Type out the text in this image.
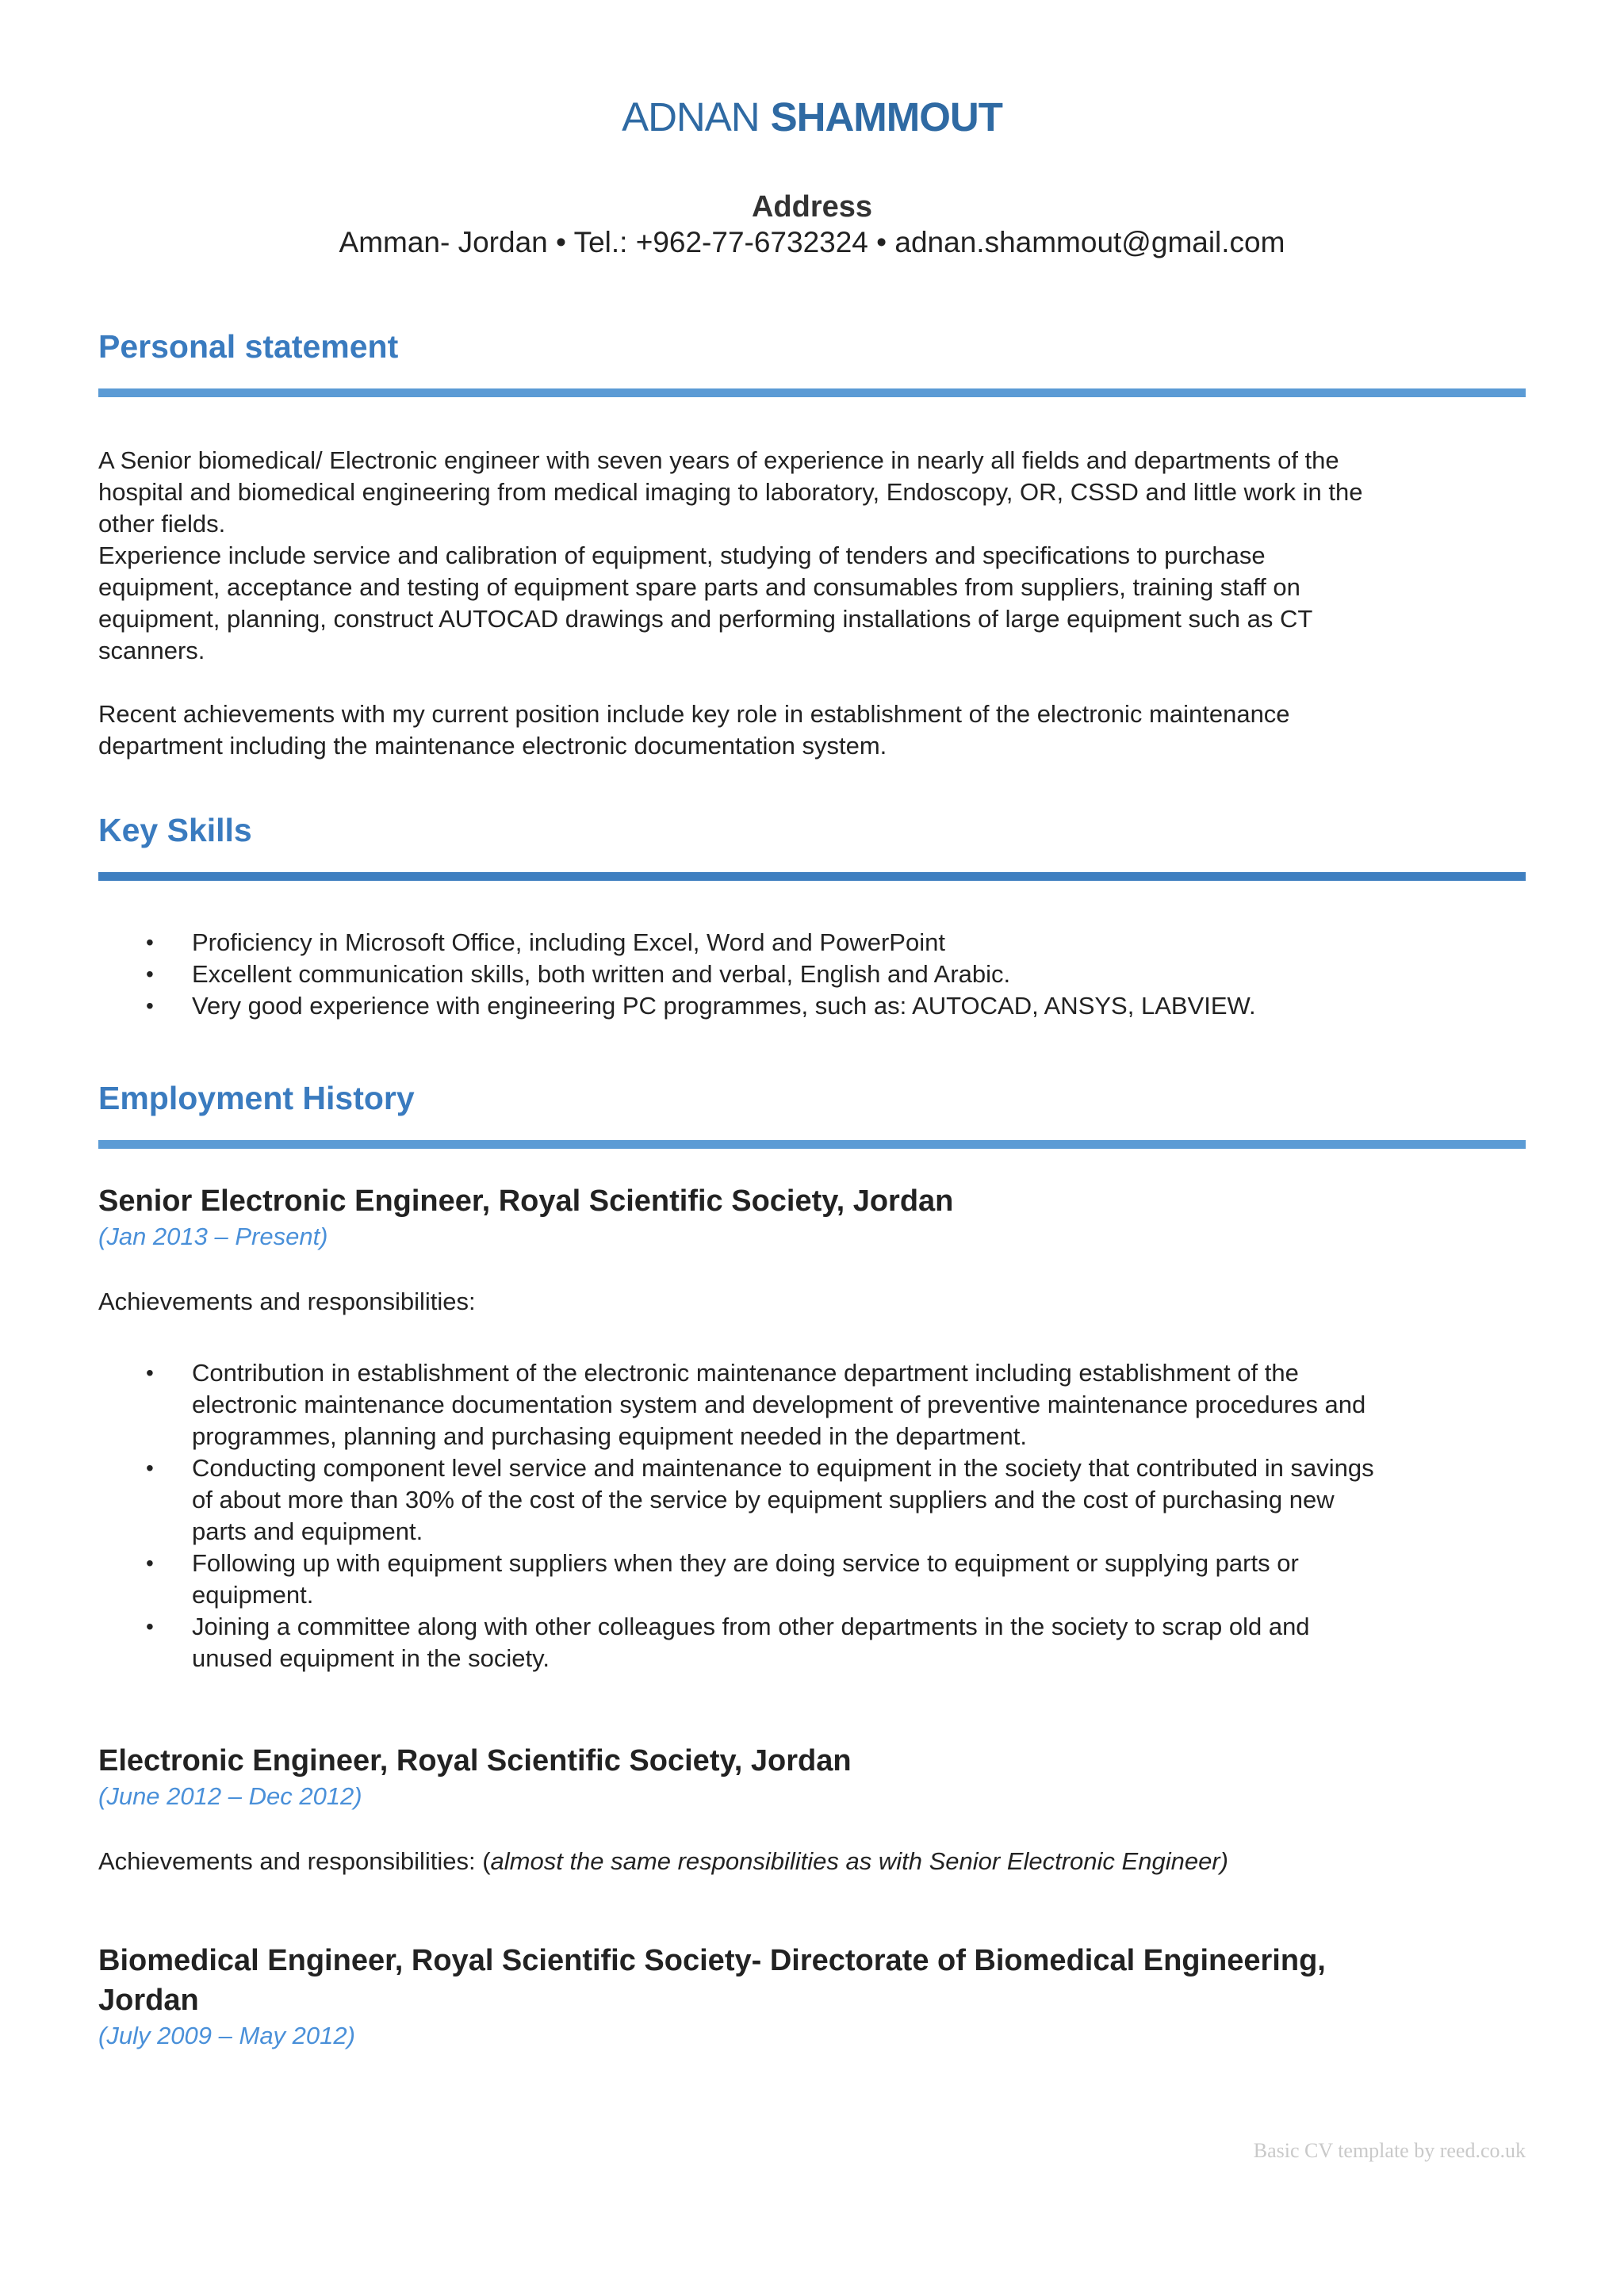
ADNAN SHAMMOUT
Address
Amman- Jordan • Tel.: +962-77-6732324 • adnan.shammout@gmail.com
Personal statement

A Senior biomedical/ Electronic engineer with seven years of experience in nearly all fields and departments of the

hospital and biomedical engineering from medical imaging to laboratory, Endoscopy, OR, CSSD and little work in the

other fields.

Experience include service and calibration of equipment, studying of tenders and specifications to purchase

equipment, acceptance and testing of equipment spare parts and consumables from suppliers, training staff on

equipment, planning, construct AUTOCAD drawings and performing installations of large equipment such as CT

scanners.

Recent achievements with my current position include key role in establishment of the electronic maintenance

department including the maintenance electronic documentation system.

Key Skills
• Proficiency in Microsoft Office, including Excel, Word and PowerPoint
• Excellent communication skills, both written and verbal, English and Arabic.
• Very good experience with engineering PC programmes, such as: AUTOCAD, ANSYS, LABVIEW.
Employment History

Senior Electronic Engineer, Royal Scientific Society, Jordan

(Jan 2013 – Present)

Achievements and responsibilities:

• Contribution in establishment of the electronic maintenance department including establishment of the
electronic maintenance documentation system and development of preventive maintenance procedures and
programmes, planning and purchasing equipment needed in the department.
• Conducting component level service and maintenance to equipment in the society that contributed in savings
of about more than 30% of the cost of the service by equipment suppliers and the cost of purchasing new
parts and equipment.
• Following up with equipment suppliers when they are doing service to equipment or supplying parts or
equipment.
• Joining a committee along with other colleagues from other departments in the society to scrap old and
unused equipment in the society.

Electronic Engineer, Royal Scientific Society, Jordan

(June 2012 – Dec 2012)

Achievements and responsibilities: (almost the same responsibilities as with Senior Electronic Engineer)

Biomedical Engineer, Royal Scientific Society- Directorate of Biomedical Engineering,

Jordan

(July 2009 – May 2012)

Basic CV template by reed.co.uk
